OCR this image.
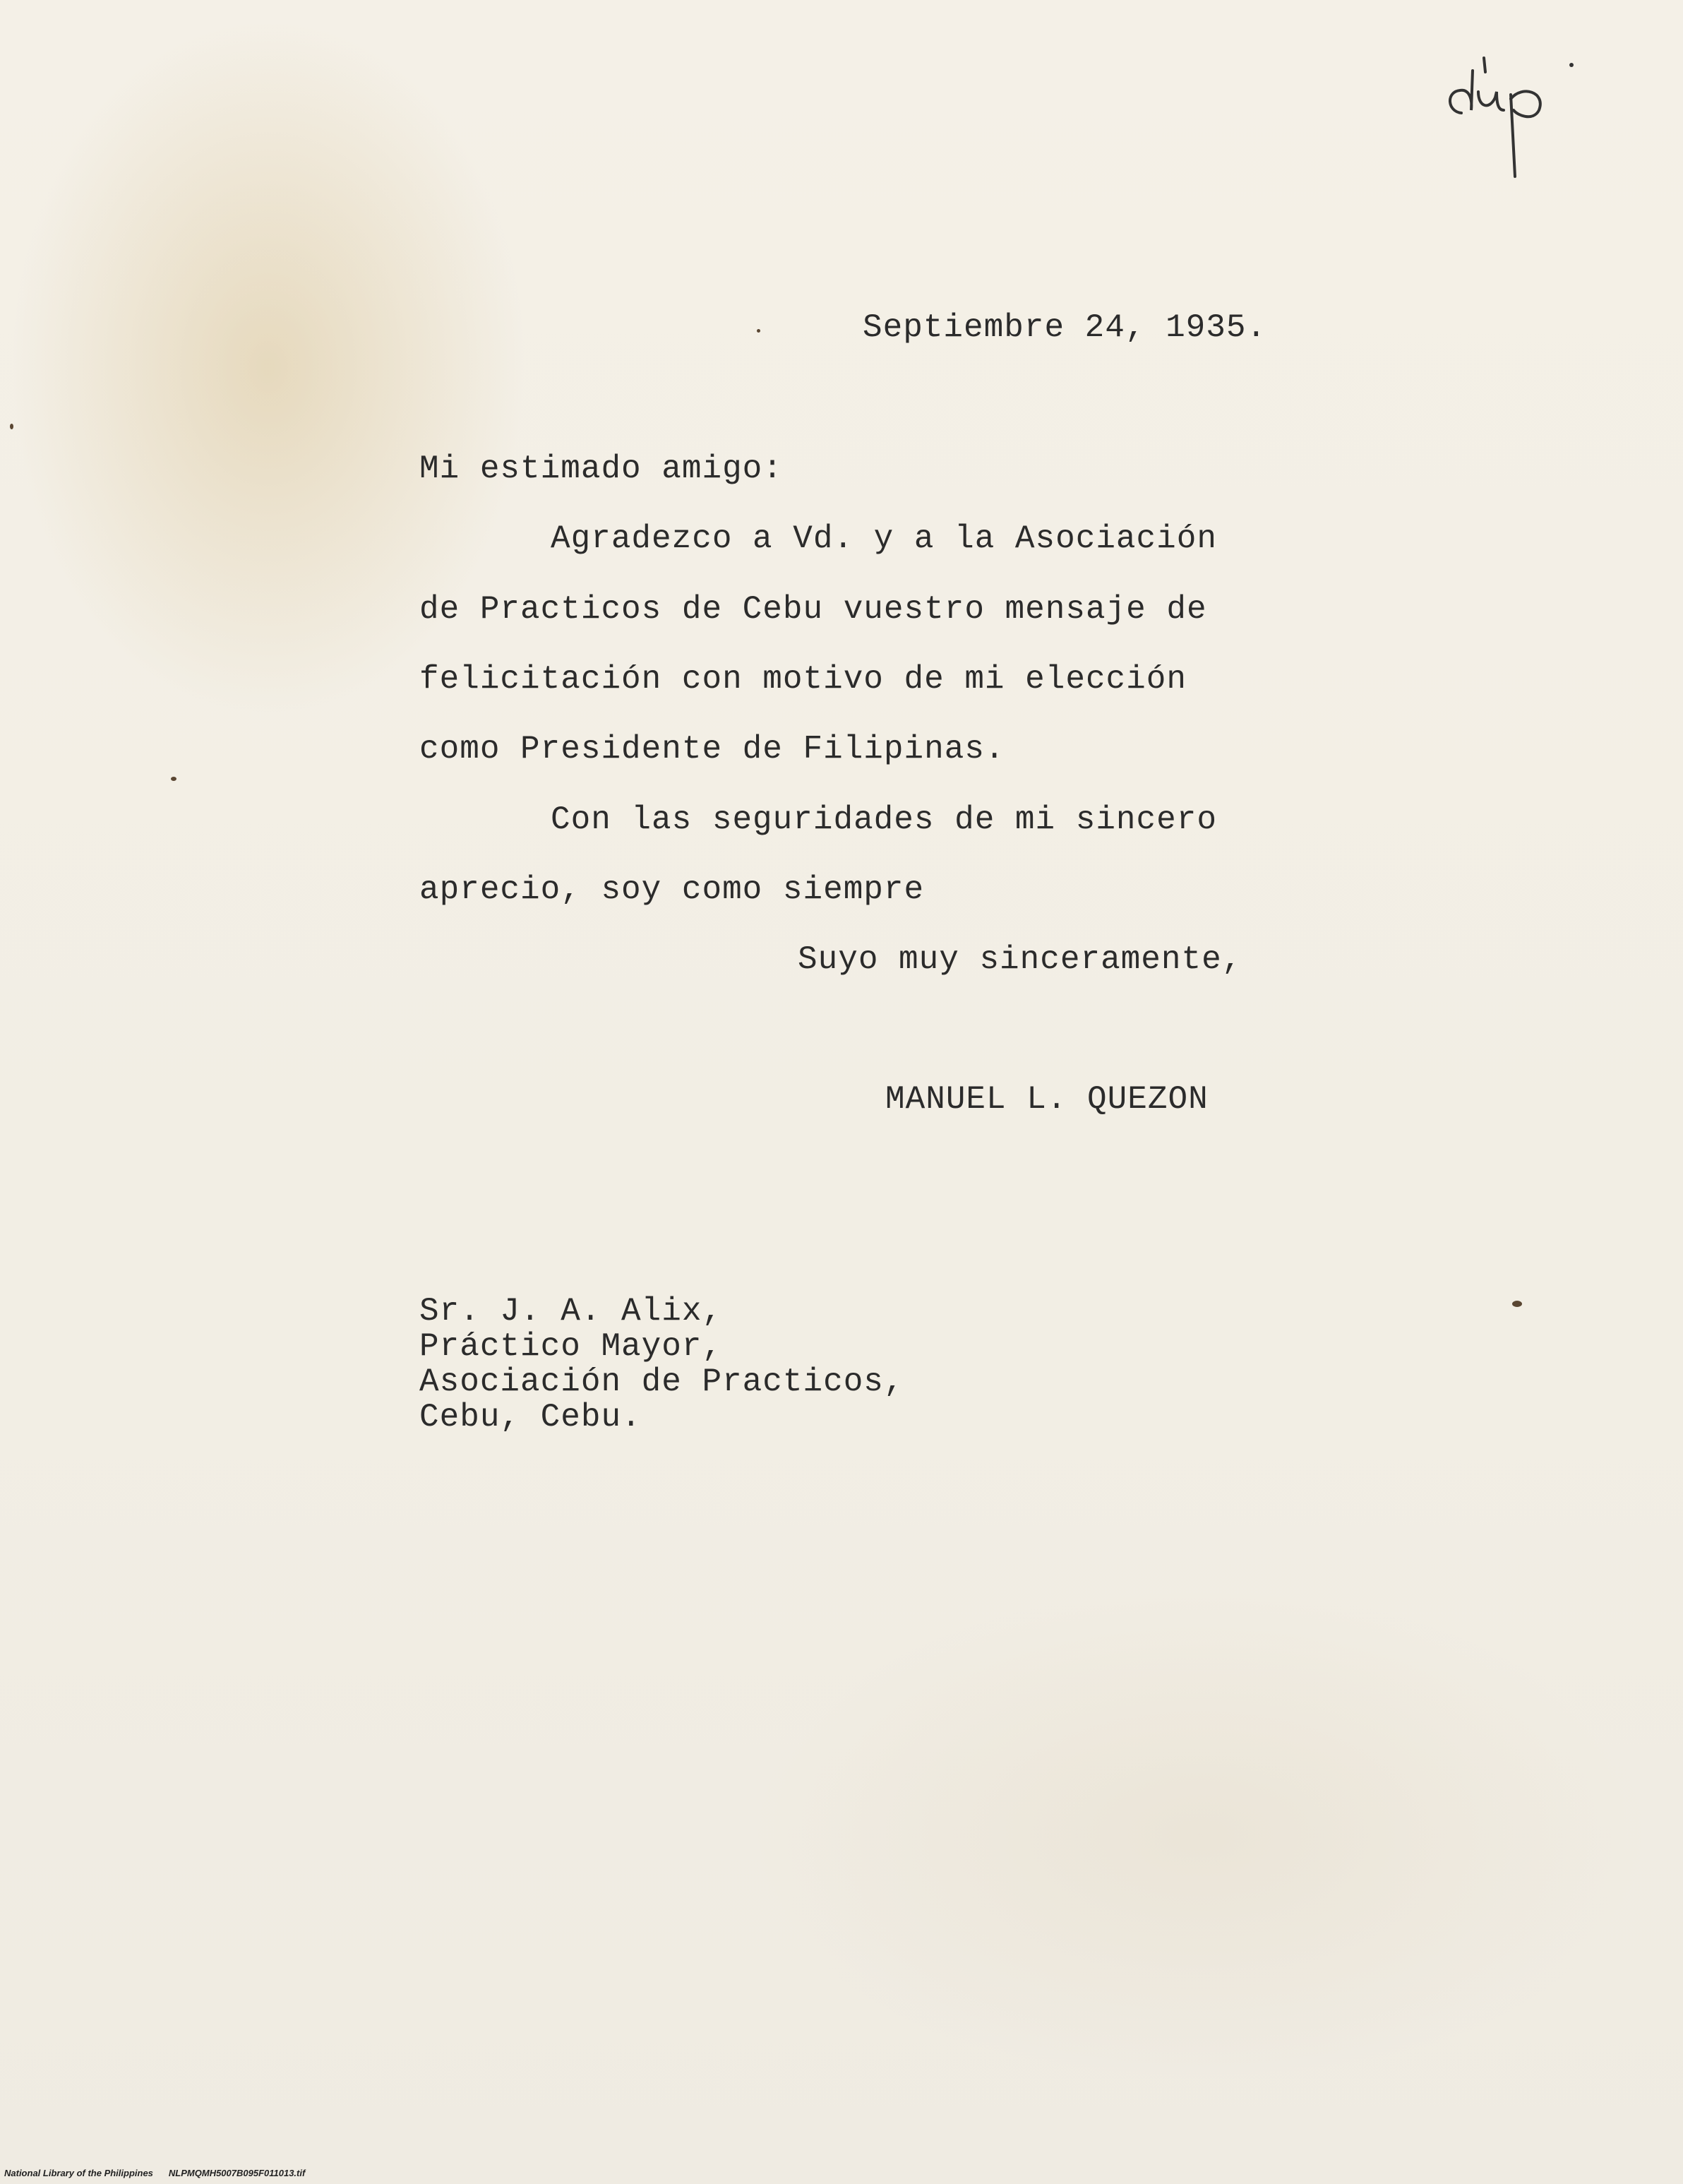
Septiembre 24, 1935.
Mi estimado amigo:
Agradezco a Vd. y a la Asociación
de Practicos de Cebu vuestro mensaje de
felicitación con motivo de mi elección
como Presidente de Filipinas.
Con las seguridades de mi sincero
aprecio, soy como siempre
Suyo muy sinceramente,
MANUEL L. QUEZON
Sr. J. A. Alix,
Práctico Mayor,
Asociación de Practicos,
Cebu, Cebu.
National Library of the Philippines NLPMQMH5007B095F011013.tif
